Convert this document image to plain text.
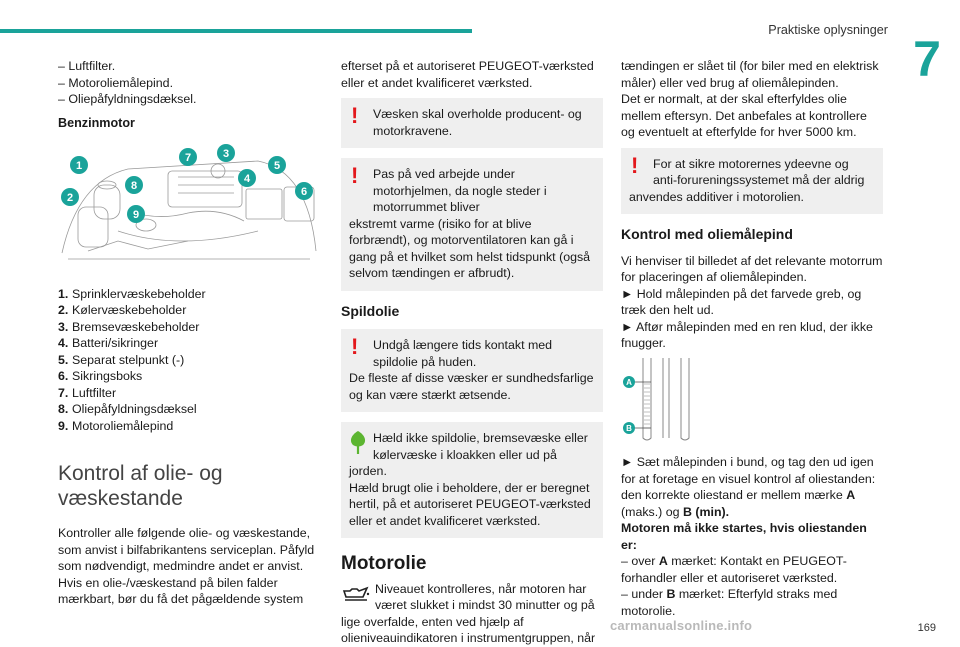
Praktiske oplysninger
7

– Luftfilter.

– Motoroliemålepind.

– Oliepåfyldningsdæksel.

Benzinmotor

1
2
3
4
5
6
7
8
9
1. Sprinklervæskebeholder
2. Kølervæskebeholder
3. Bremsevæskebeholder
4. Batteri/sikringer
5. Separat stelpunkt (-)
6. Sikringsboks
7. Luftfilter
8. Oliepåfyldningsdæksel
9. Motoroliemålepind

Kontrol af olie- og væskestande

Kontroller alle følgende olie- og væskestande, som anvist i bilfabrikantens serviceplan. Påfyld som nødvendigt, medmindre andet er anvist. Hvis en olie-/væskestand på bilen falder mærkbart, bør du få det pågældende system

efterset på et autoriseret PEUGEOT-værksted eller et andet kvalificeret værksted.

!	Væsken skal overholde producent- og motorkravene.
!	Pas på ved arbejde under motorhjelmen, da nogle steder i motorrummet bliver
ekstremt varme (risiko for at blive forbrændt), og motorventilatoren kan gå i gang på et hvilket som helst tidspunkt (også selvom tændingen er afbrudt).

Spildolie

!	Undgå længere tids kontakt med spildolie på huden.
De fleste af disse væsker er sundhedsfarlige og kan være stærkt ætsende.
Hæld ikke spildolie, bremsevæske eller kølervæske i kloakken eller ud på
jorden.
Hæld brugt olie i beholdere, der er beregnet hertil, på et autoriseret PEUGEOT-værksted eller et andet kvalificeret værksted.

Motorolie

Niveauet kontrolleres, når motoren har været slukket i mindst 30 minutter og på
lige overfalde, enten ved hjælp af olieniveauindikatoren i instrumentgruppen, når

tændingen er slået til (for biler med en elektrisk måler) eller ved brug af oliemålepinden.

Det er normalt, at der skal efterfyldes olie mellem eftersyn. Det anbefales at kontrollere og eventuelt at efterfylde for hver 5000 km.

!	For at sikre motorernes ydeevne og anti-forureningssystemet må der aldrig
anvendes additiver i motorolien.

Kontrol med oliemålepind

Vi henviser til billedet af det relevante motorrum for placeringen af oliemålepinden.

► Hold målepinden på det farvede greb, og træk den helt ud.

► Aftør målepinden med en ren klud, der ikke fnugger.

A
B

► Sæt målepinden i bund, og tag den ud igen for at foretage en visuel kontrol af oliestanden: den korrekte oliestand er mellem mærke A (maks.) og B (min).

Motoren må ikke startes, hvis oliestanden er:

– over A mærket: Kontakt en PEUGEOT-forhandler eller et autoriseret værksted.

– under B mærket: Efterfyld straks med motorolie.

169
carmanualsonline.info
